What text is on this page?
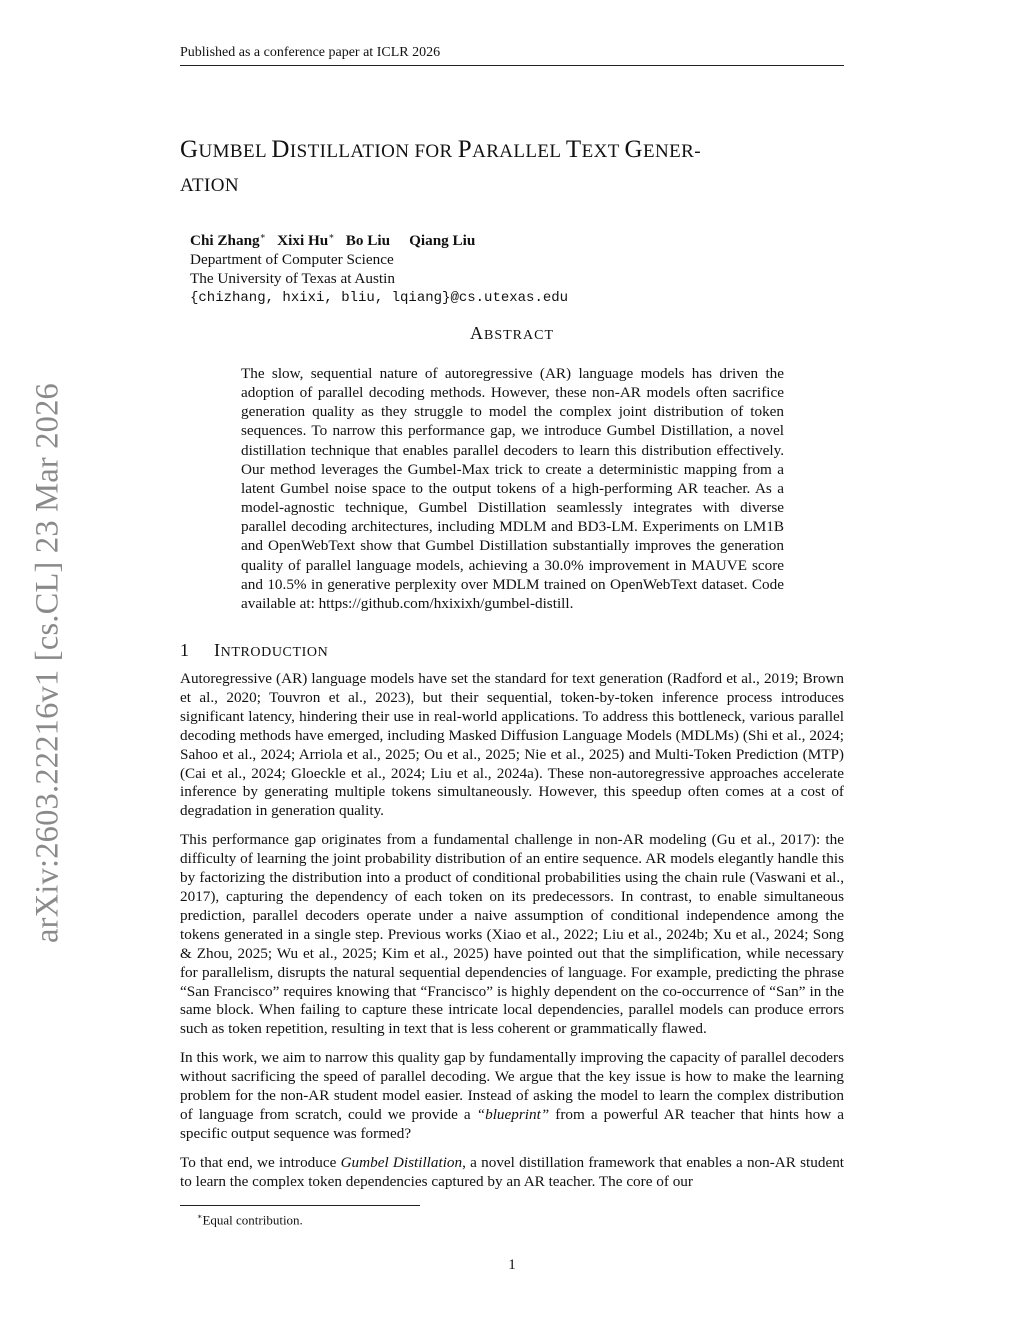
Published as a conference paper at ICLR 2026
arXiv:2603.22216v1 [cs.CL] 23 Mar 2026
GUMBEL DISTILLATION FOR PARALLEL TEXT GENER-
ATION
Chi Zhang∗ Xixi Hu∗ Bo Liu Qiang Liu
Department of Computer Science
The University of Texas at Austin
{chizhang, hxixi, bliu, lqiang}@cs.utexas.edu
ABSTRACT
The slow, sequential nature of autoregressive (AR) language models has driven the adoption of parallel decoding methods. However, these non-AR models often sacrifice generation quality as they struggle to model the complex joint distribution of token sequences. To narrow this performance gap, we introduce Gumbel Distillation, a novel distillation technique that enables parallel decoders to learn this distribution effectively. Our method leverages the Gumbel-Max trick to create a deterministic mapping from a latent Gumbel noise space to the output tokens of a high-performing AR teacher. As a model-agnostic technique, Gumbel Distillation seamlessly integrates with diverse parallel decoding architectures, including MDLM and BD3-LM. Experiments on LM1B and OpenWebText show that Gumbel Distillation substantially improves the generation quality of parallel language models, achieving a 30.0% improvement in MAUVE score and 10.5% in generative perplexity over MDLM trained on OpenWebText dataset. Code available at: https://github.com/hxixixh/gumbel-distill.
1 INTRODUCTION

Autoregressive (AR) language models have set the standard for text generation (Radford et al., 2019; Brown et al., 2020; Touvron et al., 2023), but their sequential, token-by-token inference process introduces significant latency, hindering their use in real-world applications. To address this bottleneck, various parallel decoding methods have emerged, including Masked Diffusion Language Models (MDLMs) (Shi et al., 2024; Sahoo et al., 2024; Arriola et al., 2025; Ou et al., 2025; Nie et al., 2025) and Multi-Token Prediction (MTP) (Cai et al., 2024; Gloeckle et al., 2024; Liu et al., 2024a). These non-autoregressive approaches accelerate inference by generating multiple tokens simultaneously. However, this speedup often comes at a cost of degradation in generation quality.

This performance gap originates from a fundamental challenge in non-AR modeling (Gu et al., 2017): the difficulty of learning the joint probability distribution of an entire sequence. AR models elegantly handle this by factorizing the distribution into a product of conditional probabilities using the chain rule (Vaswani et al., 2017), capturing the dependency of each token on its predecessors. In contrast, to enable simultaneous prediction, parallel decoders operate under a naive assumption of conditional independence among the tokens generated in a single step. Previous works (Xiao et al., 2022; Liu et al., 2024b; Xu et al., 2024; Song & Zhou, 2025; Wu et al., 2025; Kim et al., 2025) have pointed out that the simplification, while necessary for parallelism, disrupts the natural sequential dependencies of language. For example, predicting the phrase “San Francisco” requires knowing that “Francisco” is highly dependent on the co-occurrence of “San” in the same block. When failing to capture these intricate local dependencies, parallel models can produce errors such as token repetition, resulting in text that is less coherent or grammatically flawed.

In this work, we aim to narrow this quality gap by fundamentally improving the capacity of parallel decoders without sacrificing the speed of parallel decoding. We argue that the key issue is how to make the learning problem for the non-AR student model easier. Instead of asking the model to learn the complex distribution of language from scratch, could we provide a “blueprint” from a powerful AR teacher that hints how a specific output sequence was formed?

To that end, we introduce Gumbel Distillation, a novel distillation framework that enables a non-AR student to learn the complex token dependencies captured by an AR teacher. The core of our

∗Equal contribution.
1
